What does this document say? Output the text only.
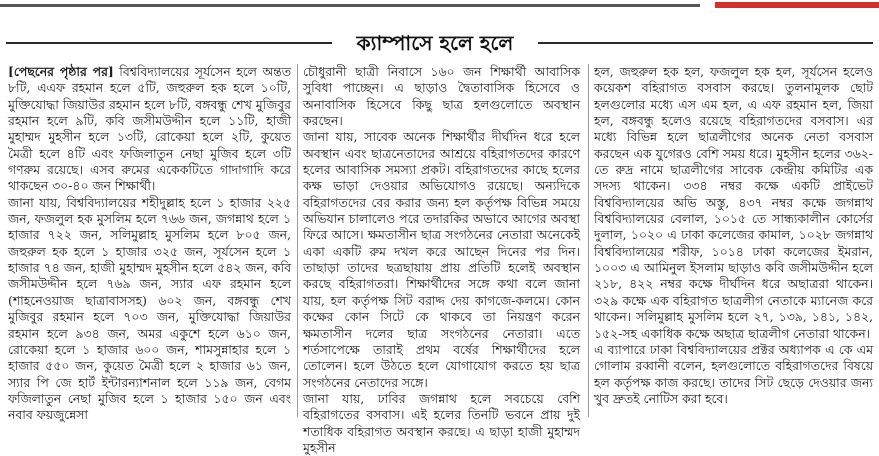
ক্যাম্পাসে হলে হলে

[পেছনের পৃষ্ঠার পর] বিশ্ববিদ্যালয়ের সূর্যসেন হলে অন্তত ৮টি, এএফ রহমান হলে ৫টি, জহুরুল হক হলে ১০টি, মুক্তিযোদ্ধা জিয়াউর রহমান হলে ৮টি, বঙ্গবন্ধু শেখ মুজিবুর রহমান হলে ৯টি, কবি জসীমউদ্দীন হলে ১১টি, হাজী মুহাম্মদ মুহসীন হলে ১৩টি, রোকেয়া হলে ২টি, কুয়েত মৈত্রী হলে ৪টি এবং ফজিলাতুন নেছা মুজিব হলে ৩টি গণরুম রয়েছে। এসব রুমের একেকটিতে গাদাগাদি করে থাকছেন ৩০-৪০ জন শিক্ষার্থী।

জানা যায়, বিশ্ববিদ্যালয়ের শহীদুল্লাহ হলে ১ হাজার ২২৫ জন, ফজলুল হক মুসলিম হলে ৭৬৬ জন, জগন্নাথ হলে ১ হাজার ৭২২ জন, সলিমুল্লাহ মুসলিম হলে ৮০৫ জন, জহুরুল হক হলে ১ হাজার ৩২৫ জন, সূর্যসেন হলে ১ হাজার ৭৪ জন, হাজী মুহাম্মদ মুহসীন হলে ৫৪২ জন, কবি জসীমউদ্দীন হলে ৭৬৯ জন, স্যার এফ রহমান হলে (শাহনেওয়াজ ছাত্রাবাসসহ) ৬০২ জন, বঙ্গবন্ধু শেখ মুজিবুর রহমান হলে ৭০৩ জন, মুক্তিযোদ্ধা জিয়াউর রহমান হলে ৯৩৪ জন, অমর একুশে হলে ৬১০ জন, রোকেয়া হলে ১ হাজার ৬০০ জন, শামসুন্নাহার হলে ১ হাজার ৫৫০ জন, কুয়েত মৈত্রী হলে ২ হাজার ৬১ জন, স্যার পি জে হার্ট ইন্টারন্যাশনাল হলে ১১৯ জন, বেগম ফজিলাতুন নেছা মুজিব হলে ১ হাজার ১৫০ জন এবং নবাব ফয়জুন্নেসা

চৌধুরানী ছাত্রী নিবাসে ১৬০ জন শিক্ষার্থী আবাসিক সুবিধা পাচ্ছেন। এ ছাড়াও দ্বৈতাবাসিক হিসেবে ও অনাবাসিক হিসেবে কিছু ছাত্র হলগুলোতে অবস্থান করছেন।

জানা যায়, সাবেক অনেক শিক্ষার্থীর দীর্ঘদিন ধরে হলে অবস্থান এবং ছাত্রনেতাদের আশ্রয়ে বহিরাগতদের কারণে হলের আবাসিক সমস্যা প্রকট। বহিরাগতদের কাছে হলের কক্ষ ভাড়া দেওয়ার অভিযোগও রয়েছে। অন্যদিকে বহিরাগতদের বের করার জন্য হল কর্তৃপক্ষ বিভিন্ন সময়ে অভিযান চালালেও পরে তদারকির অভাবে আগের অবস্থা ফিরে আসে। ক্ষমতাসীন ছাত্র সংগঠনের নেতারা অনেকেই একা একটি রুম দখল করে আছেন দিনের পর দিন। তাছাড়া তাদের ছত্রছায়ায় প্রায় প্রতিটি হলেই অবস্থান করছে বহিরাগতরা। শিক্ষার্থীদের সঙ্গে কথা বলে জানা যায়, হল কর্তৃপক্ষ সিট বরাদ্দ দেয় কাগজে-কলমে। কোন কক্ষের কোন সিটে কে থাকবে তা নিয়ন্ত্রণ করেন ক্ষমতাসীন দলের ছাত্র সংগঠনের নেতারা। এতে শর্তসাপেক্ষে তারাই প্রথম বর্ষের শিক্ষার্থীদের হলে তোলেন। হলে উঠতে হলে যোগাযোগ করতে হয় ছাত্র সংগঠনের নেতাদের সঙ্গে।

জানা যায়, ঢাবির জগন্নাথ হলে সবচেয়ে বেশি বহিরাগতের বসবাস। এই হলের তিনটি ভবনে প্রায় দুই শতাধিক বহিরাগত অবস্থান করছে। এ ছাড়া হাজী মুহাম্মদ মুহসীন

হল, জহুরুল হক হল, ফজলুল হক হল, সূর্যসেন হলেও কয়েকশ বহিরাগত বসবাস করছে। তুলনামূলক ছোট হলগুলোর মধ্যে এস এম হল, এ এফ রহমান হল, জিয়া হল, বঙ্গবন্ধু হলেও রয়েছে বহিরাগতদের বসবাস। এর মধ্যে বিভিন্ন হলে ছাত্রলীগের অনেক নেতা বসবাস করছেন এক যুগেরও বেশি সময় ধরে। মুহসীন হলের ৩৬২-তে রুদ্র নামে ছাত্রলীগের সাবেক কেন্দ্রীয় কমিটির এক সদস্য থাকেন। ৩৩৪ নম্বর কক্ষে একটি প্রাইভেট বিশ্ববিদ্যালয়ের অভি অস্তু, ৪৩৭ নম্বর কক্ষে জগন্নাথ বিশ্ববিদ্যালয়ের বেলাল, ১০১৫ তে সান্ধ্যকালীন কোর্সের দুলাল, ১০২০ এ ঢাকা কলেজের কামাল, ১০২৮ জগন্নাথ বিশ্ববিদ্যালয়ের শরীফ, ১০১৪ ঢাকা কলেজের ইমরান, ১০০৩ এ আমিনুল ইসলাম ছাড়াও কবি জসীমউদ্দীন হলে ২১৮, ৪২২ নম্বর কক্ষে দীর্ঘদিন ধরে অছাত্ররা থাকেন। ৩২৯ কক্ষে এক বহিরাগত ছাত্রলীগ নেতাকে ম্যানেজ করে থাকেন। সলিমুল্লাহ মুসলিম হলে ২৭, ১৩৯, ১৪১, ১৪২, ১৫২-সহ একাধিক কক্ষে অছাত্র ছাত্রলীগ নেতারা থাকেন।

এ ব্যাপারে ঢাকা বিশ্ববিদ্যালয়ের প্রক্টর অধ্যাপক এ কে এম গোলাম রব্বানী বলেন, হলগুলোতে বহিরাগতদের বিষয়ে হল কর্তৃপক্ষ কাজ করছে। তাদের সিট ছেড়ে দেওয়ার জন্য খুব দ্রুতই নোটিস করা হবে।
